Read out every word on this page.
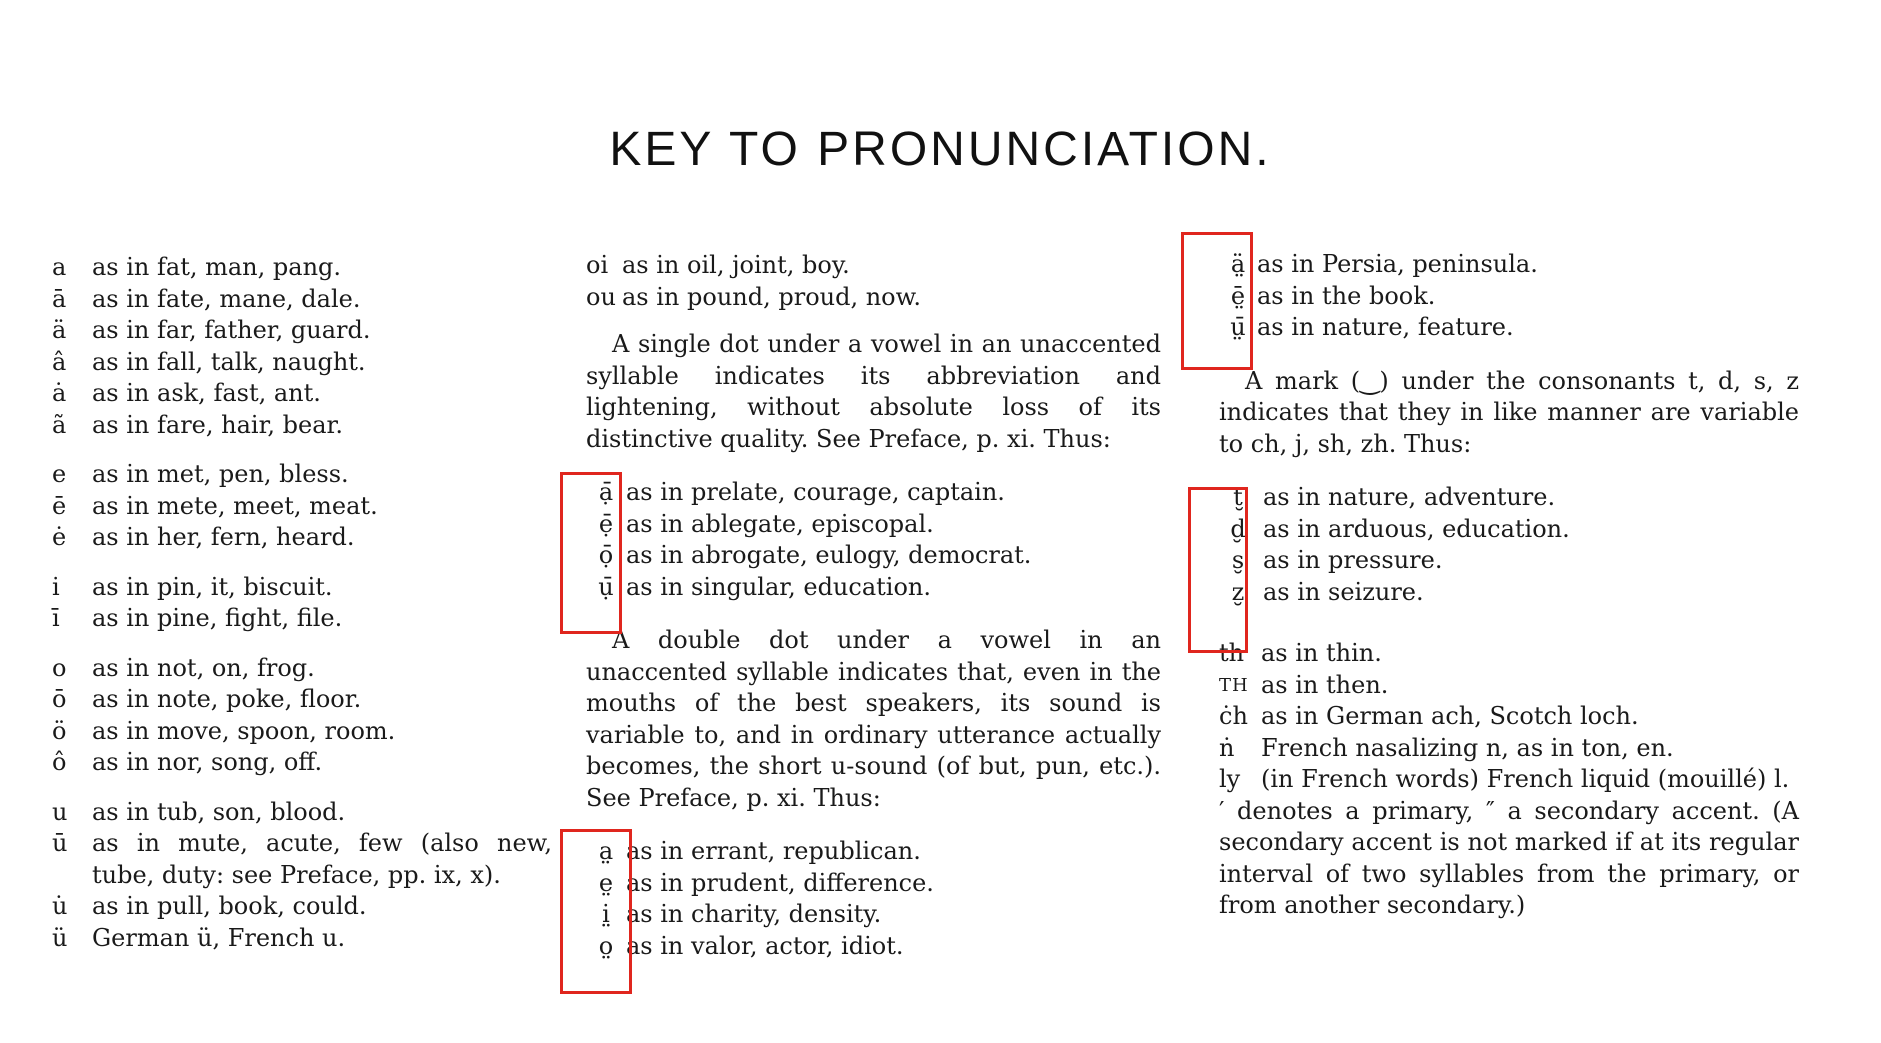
KEY TO PRONUNCIATION.
a	as in fat, man, pang.
ā	as in fate, mane, dale.
ä	as in far, father, guard.
â	as in fall, talk, naught.
ȧ	as in ask, fast, ant.
ã	as in fare, hair, bear.
e	as in met, pen, bless.
ē	as in mete, meet, meat.
ė	as in her, fern, heard.
i	as in pin, it, biscuit.
ī	as in pine, fight, file.
o	as in not, on, frog.
ō	as in note, poke, floor.
ö	as in move, spoon, room.
ô	as in nor, song, off.
u	as in tub, son, blood.
ū	as in mute, acute, few (also new, tube, duty: see Preface, pp. ix, x).
u̇	as in pull, book, could.
ü	German ü, French u.
oi as in oil, joint, boy.
ou as in pound, proud, now.

A single dot under a vowel in an unaccented syllable indicates its abbreviation and lightening, without absolute loss of its distinctive quality. See Preface, p. xi. Thus:

ạ̄ as in prelate, courage, captain.
ẹ̄ as in ablegate, episcopal.
ọ̄ as in abrogate, eulogy, democrat.
ụ̄ as in singular, education.

A double dot under a vowel in an unaccented syllable indicates that, even in the mouths of the best speakers, its sound is variable to, and in ordinary utterance actually becomes, the short u-sound (of but, pun, etc.). See Preface, p. xi. Thus:

a̤ as in errant, republican.
e̤ as in prudent, difference.
i̤ as in charity, density.
o̤ as in valor, actor, idiot.
ä̤ as in Persia, peninsula.
ē̤ as in the book.
ṳ̄ as in nature, feature.

A mark (‿) under the consonants t, d, s, z indicates that they in like manner are variable to ch, j, sh, zh. Thus:

t̮ as in nature, adventure.
d̮ as in arduous, education.
s̮ as in pressure.
z̮ as in seizure.
th as in thin.
TH as in then.
ċh as in German ach, Scotch loch.
ṅ	French nasalizing n, as in ton, en.
ly (in French words) French liquid (mouillé) l.

′ denotes a primary, ″ a secondary accent. (A secondary accent is not marked if at its regular interval of two syllables from the primary, or from another secondary.)
